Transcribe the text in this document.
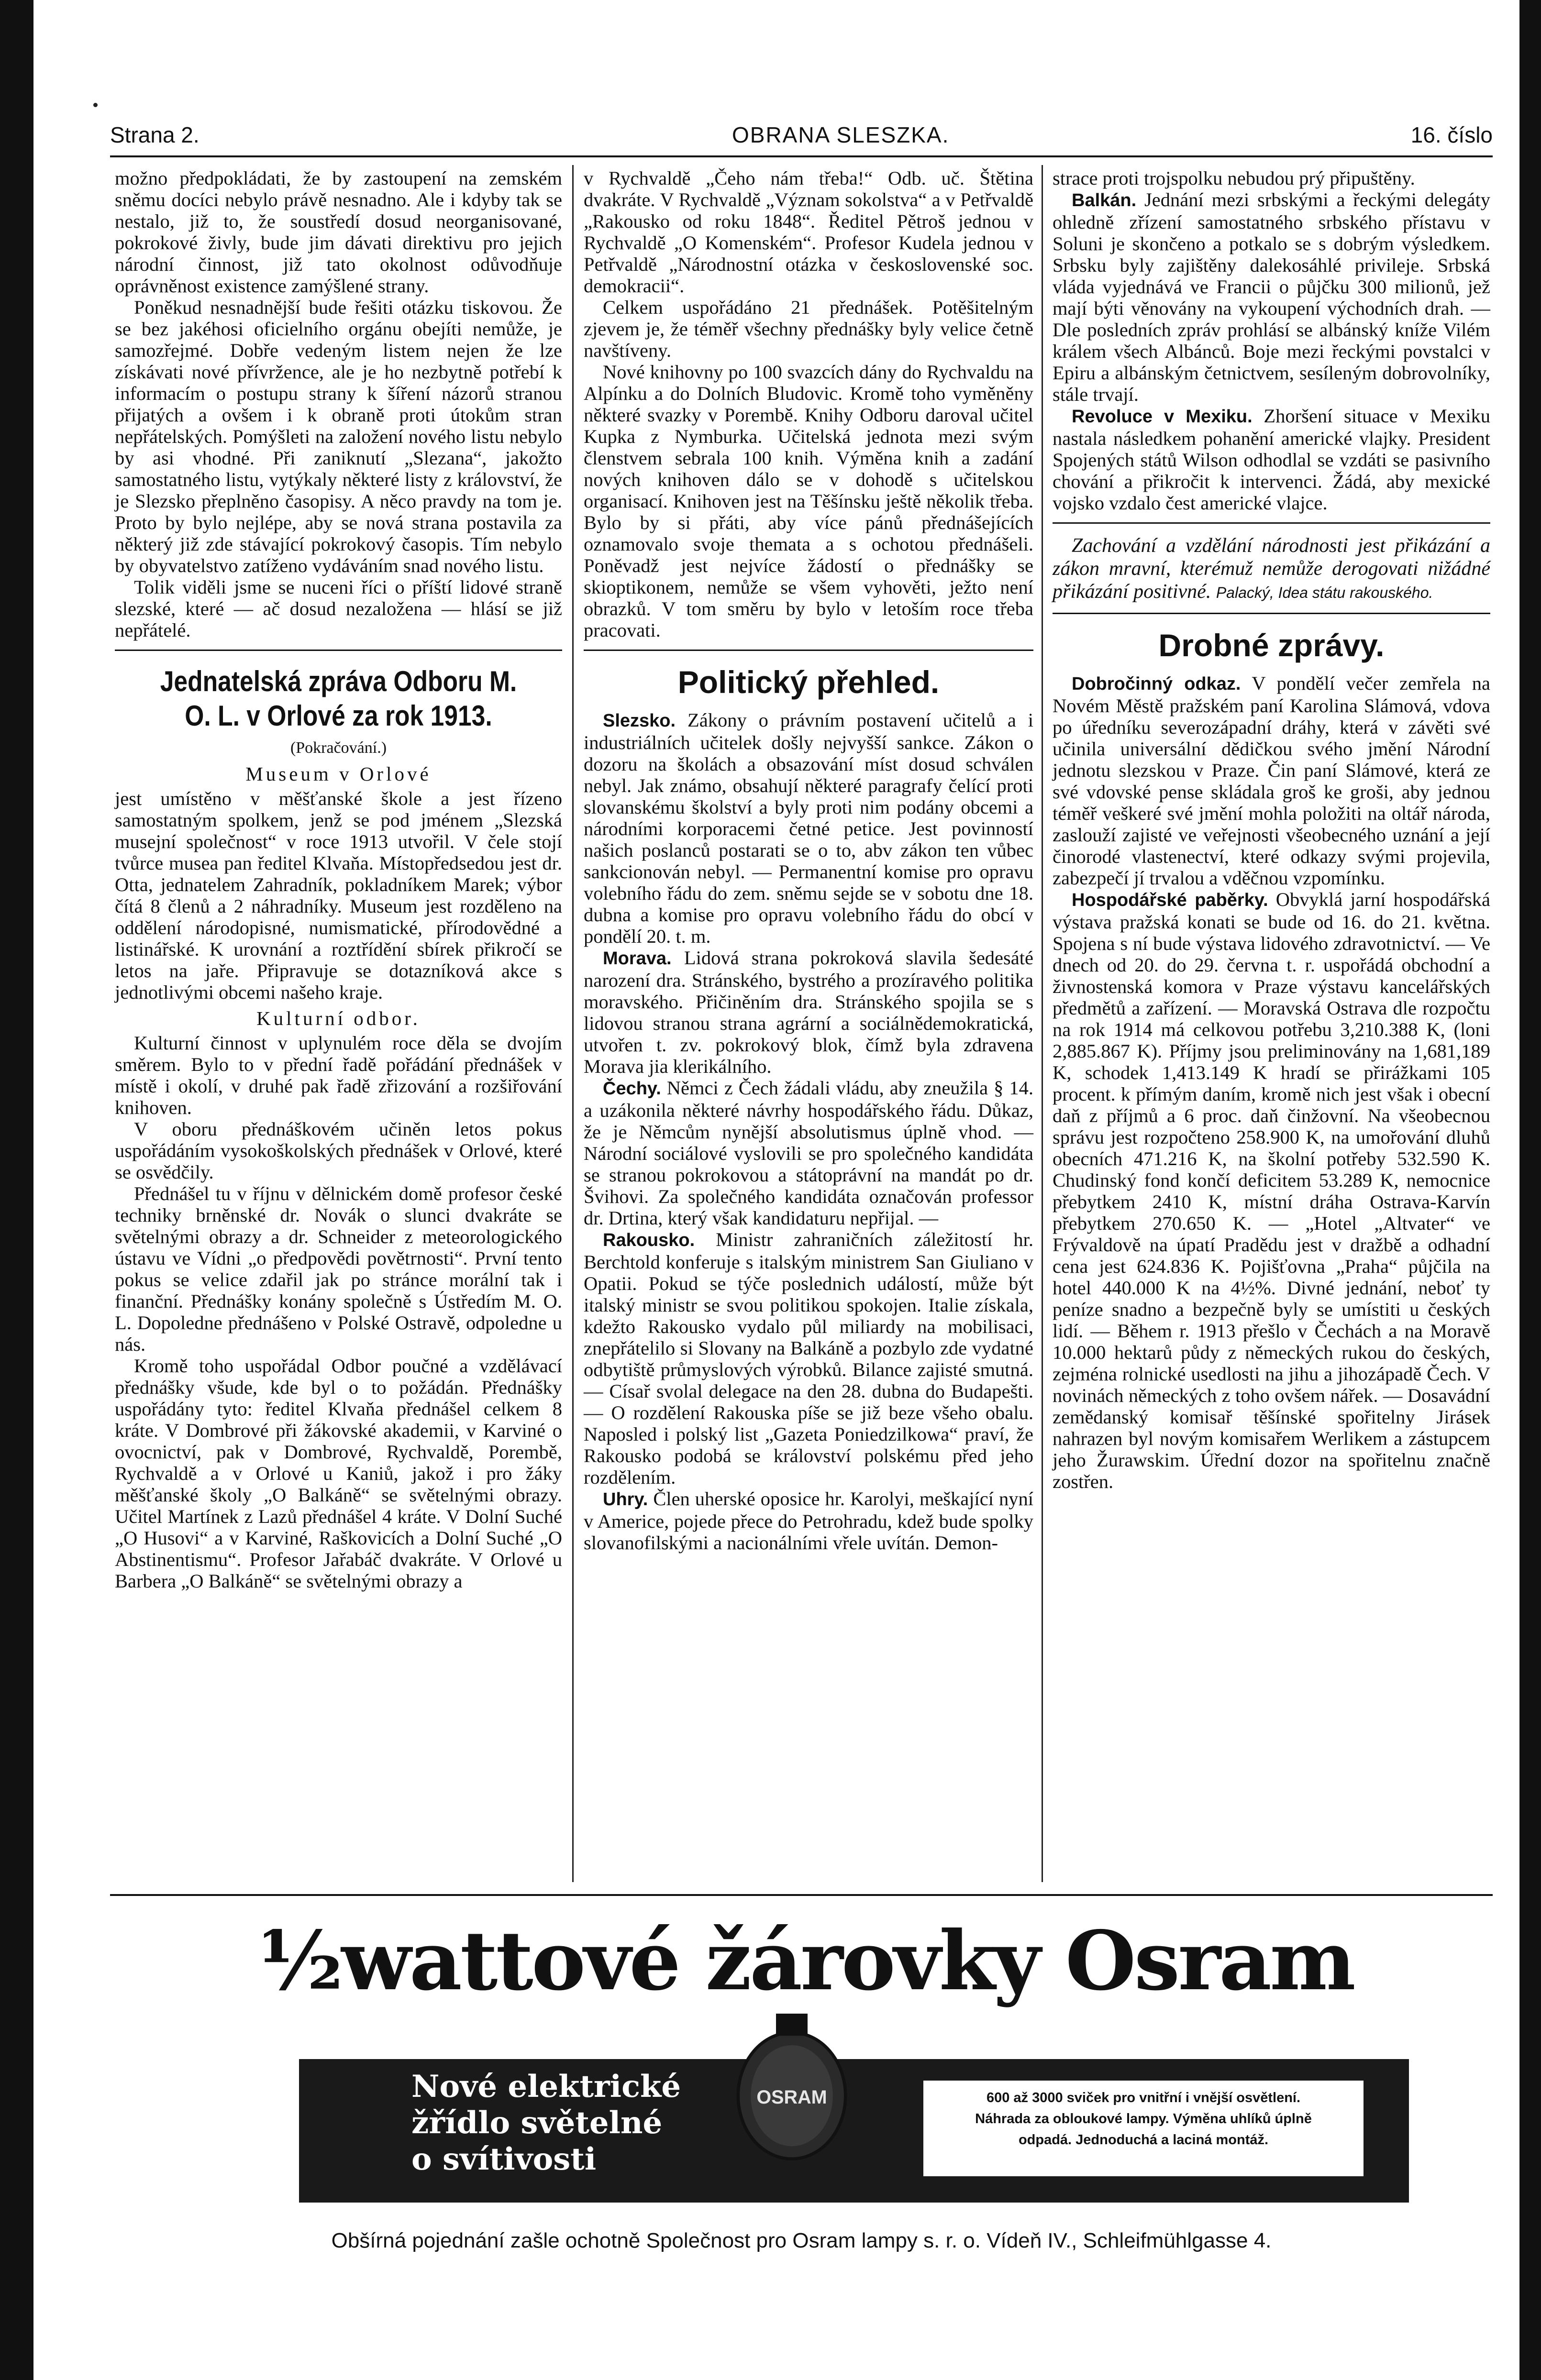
Strana 2.	OBRANA SLESZKA.	16. číslo

možno předpokládati, že by zastoupení na zemském sněmu docíci nebylo právě nesnadno. Ale i kdyby tak se nestalo, již to, že soustředí dosud neorganisované, pokrokové živly, bude jim dávati direktivu pro jejich národní činnost, již tato okolnost odůvodňuje oprávněnost existence zamýšlené strany.

Poněkud nesnadnější bude řešiti otázku tiskovou. Že se bez jakéhosi oficielního orgánu obejíti nemůže, je samozřejmé. Dobře vedeným listem nejen že lze získávati nové přívržence, ale je ho nezbytně potřebí k informacím o postupu strany k šíření názorů stranou přijatých a ovšem i k obraně proti útokům stran nepřátelských. Pomýšleti na založení nového listu nebylo by asi vhodné. Při zaniknutí „Slezana“, jakožto samostatného listu, vytýkaly některé listy z království, že je Slezsko přeplněno časopisy. A něco pravdy na tom je. Proto by bylo nejlépe, aby se nová strana postavila za některý již zde stávající pokrokový časopis. Tím nebylo by obyvatelstvo zatíženo vydáváním snad nového listu.

Tolik viděli jsme se nuceni říci o příští lidové straně slezské, které — ač dosud nezaložena — hlásí se již nepřátelé.

Jednatelská zpráva Odboru M. O. L. v Orlové za rok 1913.
(Pokračování.)
Museum v Orlové

jest umístěno v měšťanské škole a jest řízeno samostatným spolkem, jenž se pod jménem „Slezská musejní společnost“ v roce 1913 utvořil. V čele stojí tvůrce musea pan ředitel Klvaňa. Místopředsedou jest dr. Otta, jednatelem Zahradník, pokladníkem Marek; výbor čítá 8 členů a 2 náhradníky. Museum jest rozděleno na oddělení národopisné, numismatické, přírodovědné a listinářské. K urovnání a roztřídění sbírek přikročí se letos na jaře. Připravuje se dotazníková akce s jednotlivými obcemi našeho kraje.

Kulturní odbor.

Kulturní činnost v uplynulém roce děla se dvojím směrem. Bylo to v přední řadě pořádání přednášek v místě i okolí, v druhé pak řadě zřizování a rozšiřování knihoven.

V oboru přednáškovém učiněn letos pokus uspořádáním vysokoškolských přednášek v Orlové, které se osvědčily.

Přednášel tu v říjnu v dělnickém domě profesor české techniky brněnské dr. Novák o slunci dvakráte se světelnými obrazy a dr. Schneider z meteorologického ústavu ve Vídni „o předpovědi povětrnosti“. První tento pokus se velice zdařil jak po stránce morální tak i finanční. Přednášky konány společně s Ústředím M. O. L. Dopoledne přednášeno v Polské Ostravě, odpoledne u nás.

Kromě toho uspořádal Odbor poučné a vzdělávací přednášky všude, kde byl o to požádán. Přednášky uspořádány tyto: ředitel Klvaňa přednášel celkem 8 kráte. V Dombrové při žákovské akademii, v Karviné o ovocnictví, pak v Dombrové, Rychvaldě, Porembě, Rychvaldě a v Orlové u Kaniů, jakož i pro žáky měšťanské školy „O Balkáně“ se světelnými obrazy. Učitel Martínek z Lazů přednášel 4 kráte. V Dolní Suché „O Husovi“ a v Karviné, Raškovicích a Dolní Suché „O Abstinentismu“. Profesor Jařabáč dvakráte. V Orlové u Barbera „O Balkáně“ se světelnými obrazy a

v Rychvaldě „Čeho nám třeba!“ Odb. uč. Štětina dvakráte. V Rychvaldě „Význam sokolstva“ a v Petřvaldě „Rakousko od roku 1848“. Ředitel Pětroš jednou v Rychvaldě „O Komenském“. Profesor Kudela jednou v Petřvaldě „Národnostní otázka v československé soc. demokracii“.

Celkem uspořádáno 21 přednášek. Potěšitelným zjevem je, že téměř všechny přednášky byly velice četně navštíveny.

Nové knihovny po 100 svazcích dány do Rychvaldu na Alpínku a do Dolních Bludovic. Kromě toho vyměněny některé svazky v Porembě. Knihy Odboru daroval učitel Kupka z Nymburka. Učitelská jednota mezi svým členstvem sebrala 100 knih. Výměna knih a zadání nových knihoven dálo se v dohodě s učitelskou organisací. Knihoven jest na Těšínsku ještě několik třeba. Bylo by si přáti, aby více pánů přednášejících oznamovalo svoje themata a s ochotou přednášeli. Poněvadž jest nejvíce žádostí o přednášky se skioptikonem, nemůže se všem vyhověti, ježto není obrazků. V tom směru by bylo v letoším roce třeba pracovati.

Politický přehled.

Slezsko. Zákony o právním postavení učitelů a i industriálních učitelek došly nejvyšší sankce. Zákon o dozoru na školách a obsazování míst dosud schválen nebyl. Jak známo, obsahují některé paragrafy čelící proti slovanskému školství a byly proti nim podány obcemi a národními korporacemi četné petice. Jest povinností našich poslanců postarati se o to, abv zákon ten vůbec sankcionován nebyl. — Permanentní komise pro opravu volebního řádu do zem. sněmu sejde se v sobotu dne 18. dubna a komise pro opravu volebního řádu do obcí v pondělí 20. t. m.

Morava. Lidová strana pokroková slavila šedesáté narození dra. Stránského, bystrého a prozíravého politika moravského. Přičiněním dra. Stránského spojila se s lidovou stranou strana agrární a sociálnědemokratická, utvořen t. zv. pokrokový blok, čímž byla zdravena Morava jia klerikálního.

Čechy. Němci z Čech žádali vládu, aby zneužila § 14. a uzákonila některé návrhy hospodářského řádu. Důkaz, že je Němcům nynější absolutismus úplně vhod. — Národní sociálové vyslovili se pro společného kandidáta se stranou pokrokovou a státoprávní na mandát po dr. Švihovi. Za společného kandidáta označován professor dr. Drtina, který však kandidaturu nepřijal. —

Rakousko. Ministr zahraničních záležitostí hr. Berchtold konferuje s italským ministrem San Giuliano v Opatii. Pokud se týče poslednich událostí, může být italský ministr se svou politikou spokojen. Italie získala, kdežto Rakousko vydalo půl miliardy na mobilisaci, znepřátelilo si Slovany na Balkáně a pozbylo zde vydatné odbytiště průmyslových výrobků. Bilance zajisté smutná. — Císař svolal delegace na den 28. dubna do Budapešti. — O rozdělení Rakouska píše se již beze všeho obalu. Naposled i polský list „Gazeta Poniedzilkowa“ praví, že Rakousko podobá se království polskému před jeho rozdělením.

Uhry. Člen uherské oposice hr. Karolyi, meškající nyní v Americe, pojede přece do Petrohradu, kdež bude spolky slovanofilskými a nacionálními vřele uvítán. Demon-

strace proti trojspolku nebudou prý připuštěny.

Balkán. Jednání mezi srbskými a řeckými delegáty ohledně zřízení samostatného srbského přístavu v Soluni je skončeno a potkalo se s dobrým výsledkem. Srbsku byly zajištěny dalekosáhlé privileje. Srbská vláda vyjednává ve Francii o půjčku 300 milionů, jež mají býti věnovány na vykoupení východních drah. — Dle posledních zpráv prohlásí se albánský kníže Vilém králem všech Albánců. Boje mezi řeckými povstalci v Epiru a albánským četnictvem, sesíleným dobrovolníky, stále trvají.

Revoluce v Mexiku. Zhoršení situace v Mexiku nastala následkem pohanění americké vlajky. President Spojených států Wilson odhodlal se vzdáti se pasivního chování a přikročit k intervenci. Žádá, aby mexické vojsko vzdalo čest americké vlajce.

Zachování a vzdělání národnosti jest přikázání a zákon mravní, kterémuž nemůže derogovati nižádné přikázání positivné. Palacký, Idea státu rakouského.
Drobné zprávy.

Dobročinný odkaz. V pondělí večer zemřela na Novém Městě pražském paní Karolina Slámová, vdova po úředníku severozápadní dráhy, která v závěti své učinila universální dědičkou svého jmění Národní jednotu slezskou v Praze. Čin paní Slámové, která ze své vdovské pense skládala groš ke groši, aby jednou téměř veškeré své jmění mohla položiti na oltář národa, zaslouží zajisté ve veřejnosti všeobecného uznání a její činorodé vlastenectví, které odkazy svými projevila, zabezpečí jí trvalou a vděčnou vzpomínku.

Hospodářské paběrky. Obvyklá jarní hospodářská výstava pražská konati se bude od 16. do 21. května. Spojena s ní bude výstava lidového zdravotnictví. — Ve dnech od 20. do 29. června t. r. uspořádá obchodní a živnostenská komora v Praze výstavu kancelářských předmětů a zařízení. — Moravská Ostrava dle rozpočtu na rok 1914 má celkovou potřebu 3,210.388 K, (loni 2,885.867 K). Příjmy jsou preliminovány na 1,681,189 K, schodek 1,413.149 K hradí se přirážkami 105 procent. k přímým daním, kromě nich jest však i obecní daň z příjmů a 6 proc. daň činžovní. Na všeobecnou správu jest rozpočteno 258.900 K, na umořování dluhů obecních 471.216 K, na školní potřeby 532.590 K. Chudinský fond končí deficitem 53.289 K, nemocnice přebytkem 2410 K, místní dráha Ostrava-Karvín přebytkem 270.650 K. — „Hotel „Altvater“ ve Frývaldově na úpatí Pradědu jest v dražbě a odhadní cena jest 624.836 K. Pojišťovna „Praha“ půjčila na hotel 440.000 K na 4½%. Divné jednání, neboť ty peníze snadno a bezpečně byly se umístiti u českých lidí. — Během r. 1913 přešlo v Čechách a na Moravě 10.000 hektarů půdy z německých rukou do českých, zejména rolnické usedlosti na jihu a jihozápadě Čech. V novinách německých z toho ovšem nářek. — Dosavádní zemědanský komisař těšínské spořitelny Jirásek nahrazen byl novým komisařem Werlikem a zástupcem jeho Žurawskim. Úřední dozor na spořitelnu značně zostřen.

½wattové žárovky Osram
Nové elektrické
žřídlo světelné
o svítivosti
OSRAM	600 až 3000 sviček pro vnitřní i vnější osvětlení.
Náhrada za obloukové lampy. Výměna uhlíků úplně
odpadá. Jednoduchá a laciná montáž.
Obšírná pojednání zašle ochotně Společnost pro Osram lampy s. r. o. Vídeň IV., Schleifmühlgasse 4.
